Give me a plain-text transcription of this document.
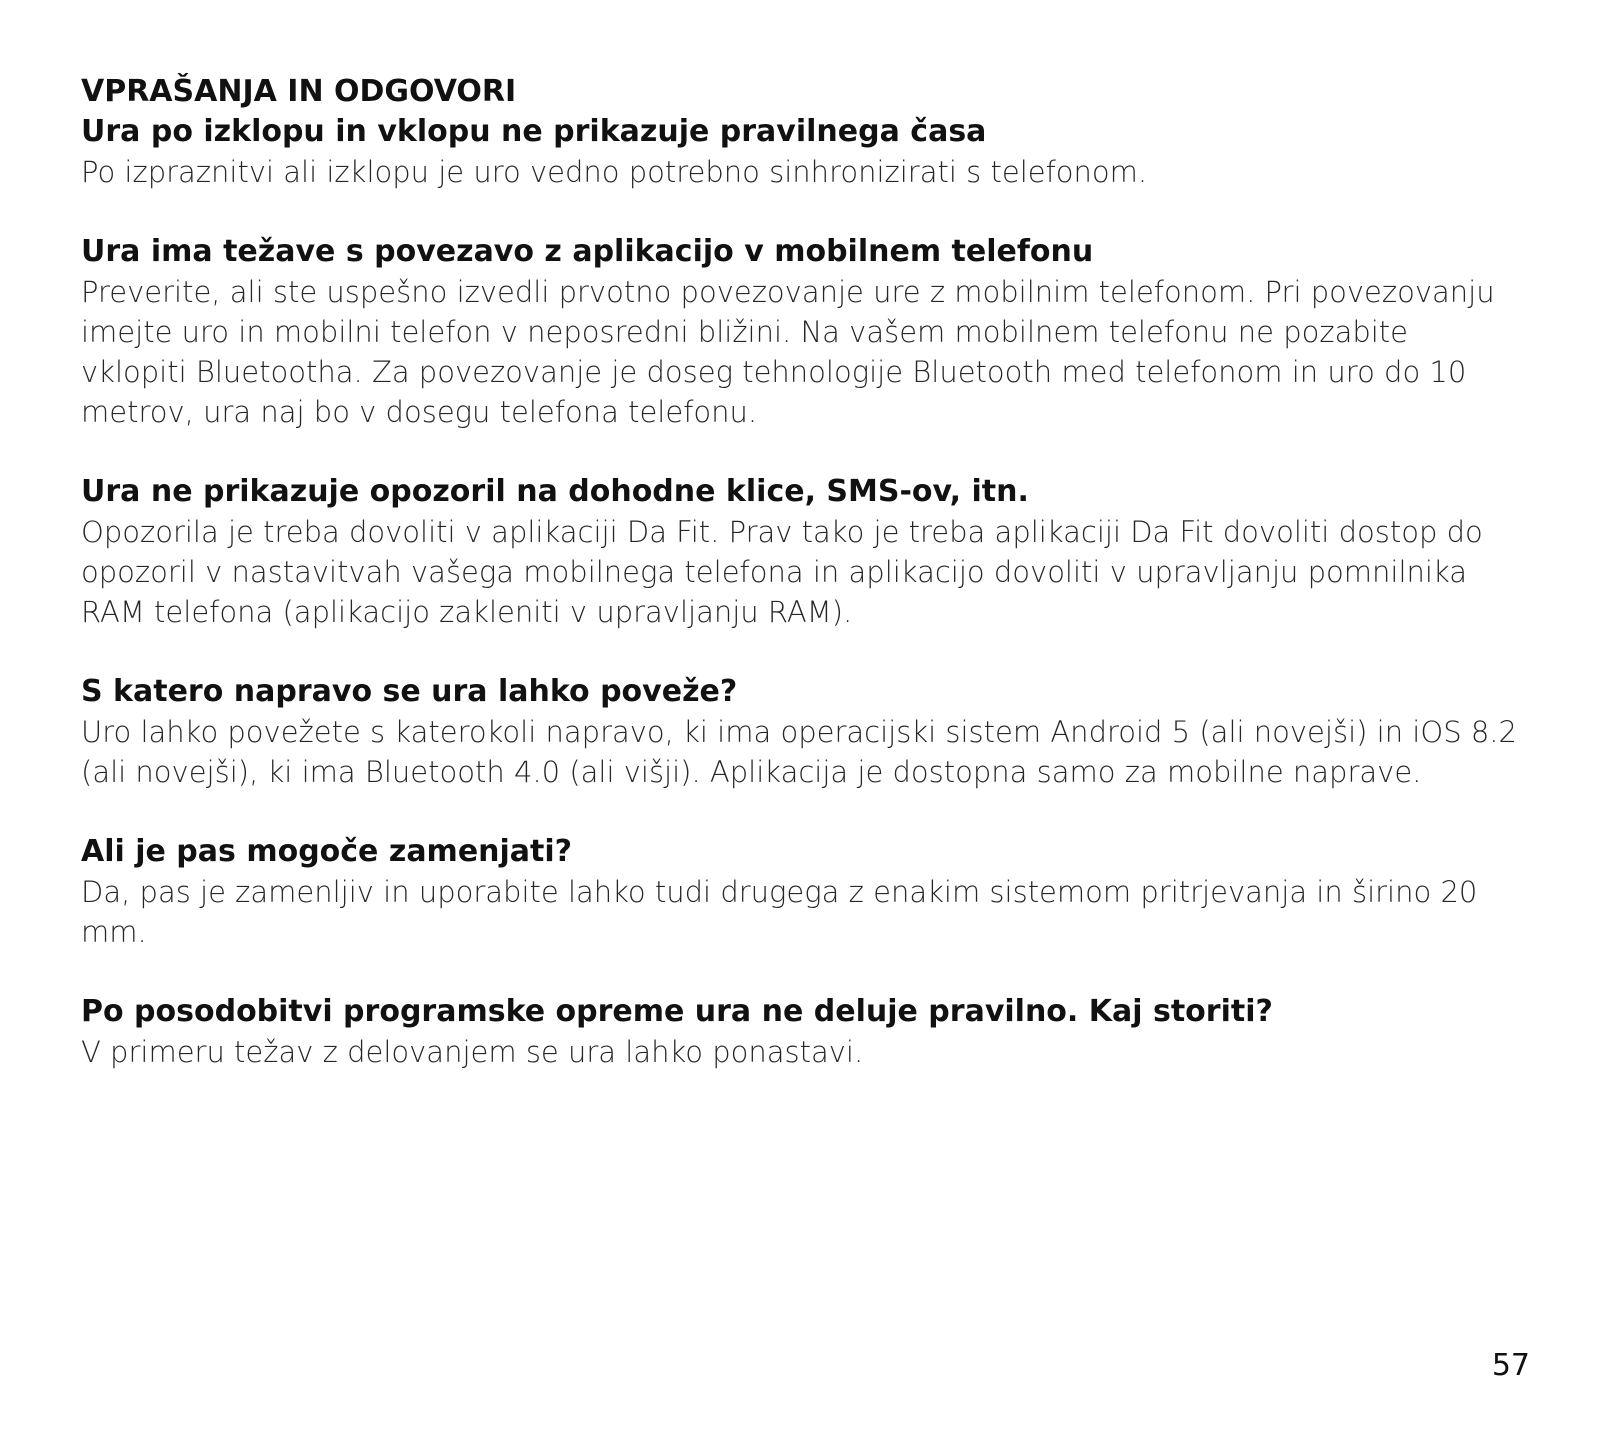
VPRAŠANJA IN ODGOVORI

Ura po izklopu in vklopu ne prikazuje pravilnega časa

Po izpraznitvi ali izklopu je uro vedno potrebno sinhronizirati s telefonom.

Ura ima težave s povezavo z aplikacijo v mobilnem telefonu

Preverite, ali ste uspešno izvedli prvotno povezovanje ure z mobilnim telefonom. Pri povezovanju imejte uro in mobilni telefon v neposredni bližini. Na vašem mobilnem telefonu ne pozabite vklopiti Bluetootha. Za povezovanje je doseg tehnologije Bluetooth med telefonom in uro do 10 metrov, ura naj bo v dosegu telefona telefonu.

Ura ne prikazuje opozoril na dohodne klice, SMS-ov, itn.

Opozorila je treba dovoliti v aplikaciji Da Fit. Prav tako je treba aplikaciji Da Fit dovoliti dostop do opozoril v nastavitvah vašega mobilnega telefona in aplikacijo dovoliti v upravljanju pomnilnika RAM telefona (aplikacijo zakleniti v upravljanju RAM).

S katero napravo se ura lahko poveže?

Uro lahko povežete s katerokoli napravo, ki ima operacijski sistem Android 5 (ali novejši) in iOS 8.2 (ali novejši), ki ima Bluetooth 4.0 (ali višji). Aplikacija je dostopna samo za mobilne naprave.

Ali je pas mogoče zamenjati?

Da, pas je zamenljiv in uporabite lahko tudi drugega z enakim sistemom pritrjevanja in širino 20 mm.

Po posodobitvi programske opreme ura ne deluje pravilno. Kaj storiti?

V primeru težav z delovanjem se ura lahko ponastavi.

57
